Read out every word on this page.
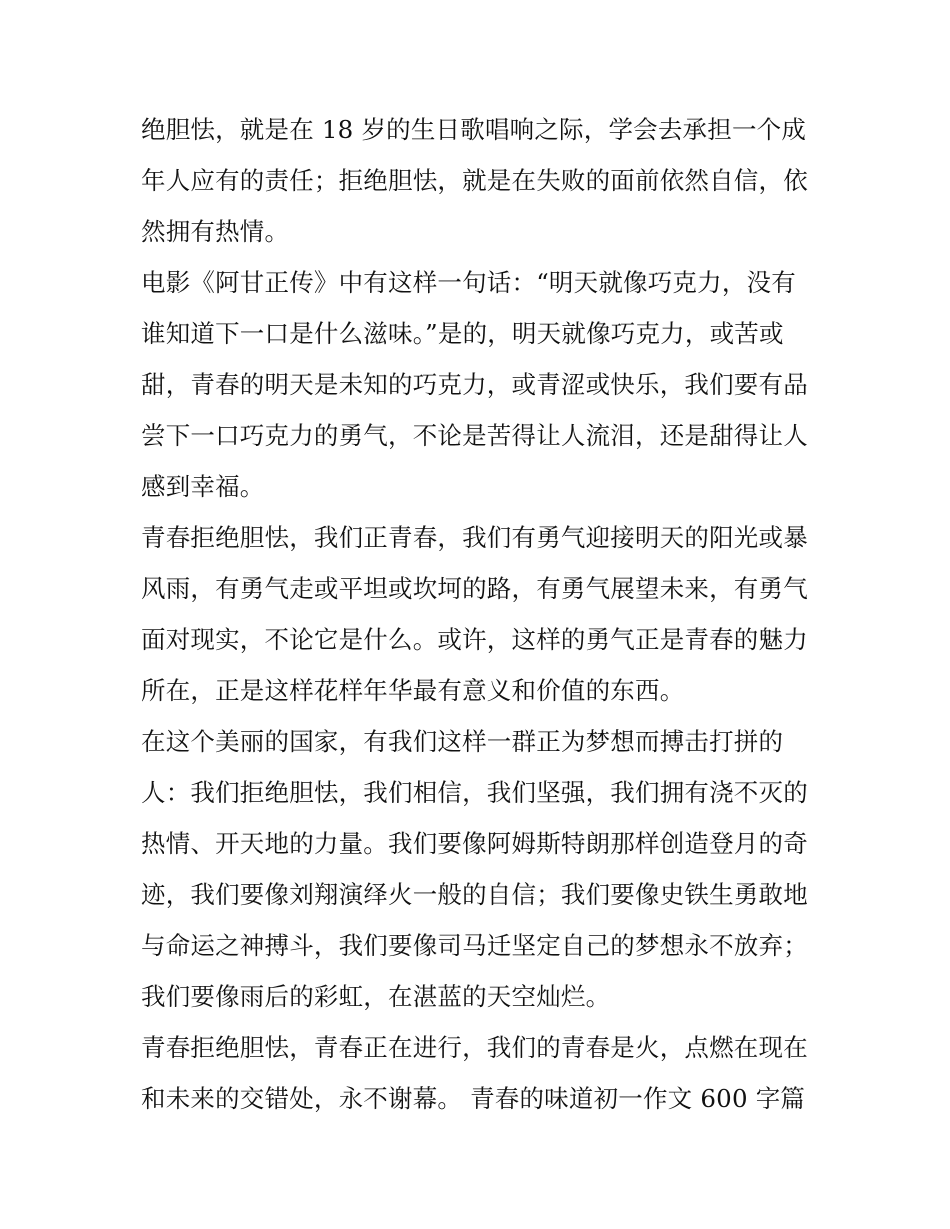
绝胆怯，就是在 18 岁的生日歌唱响之际，学会去承担一个成
年人应有的责任；拒绝胆怯，就是在失败的面前依然自信，依
然拥有热情。
电影《阿甘正传》中有这样一句话：“明天就像巧克力，没有
谁知道下一口是什么滋味。”是的，明天就像巧克力，或苦或
甜，青春的明天是未知的巧克力，或青涩或快乐，我们要有品
尝下一口巧克力的勇气，不论是苦得让人流泪，还是甜得让人
感到幸福。
青春拒绝胆怯，我们正青春，我们有勇气迎接明天的阳光或暴
风雨，有勇气走或平坦或坎坷的路，有勇气展望未来，有勇气
面对现实，不论它是什么。或许，这样的勇气正是青春的魅力
所在，正是这样花样年华最有意义和价值的东西。
在这个美丽的国家，有我们这样一群正为梦想而搏击打拼的
人：我们拒绝胆怯，我们相信，我们坚强，我们拥有浇不灭的
热情、开天地的力量。我们要像阿姆斯特朗那样创造登月的奇
迹，我们要像刘翔演绎火一般的自信；我们要像史铁生勇敢地
与命运之神搏斗，我们要像司马迁坚定自己的梦想永不放弃；
我们要像雨后的彩虹，在湛蓝的天空灿烂。
青春拒绝胆怯，青春正在进行，我们的青春是火，点燃在现在
和未来的交错处，永不谢幕。 青春的味道初一作文 600 字篇
